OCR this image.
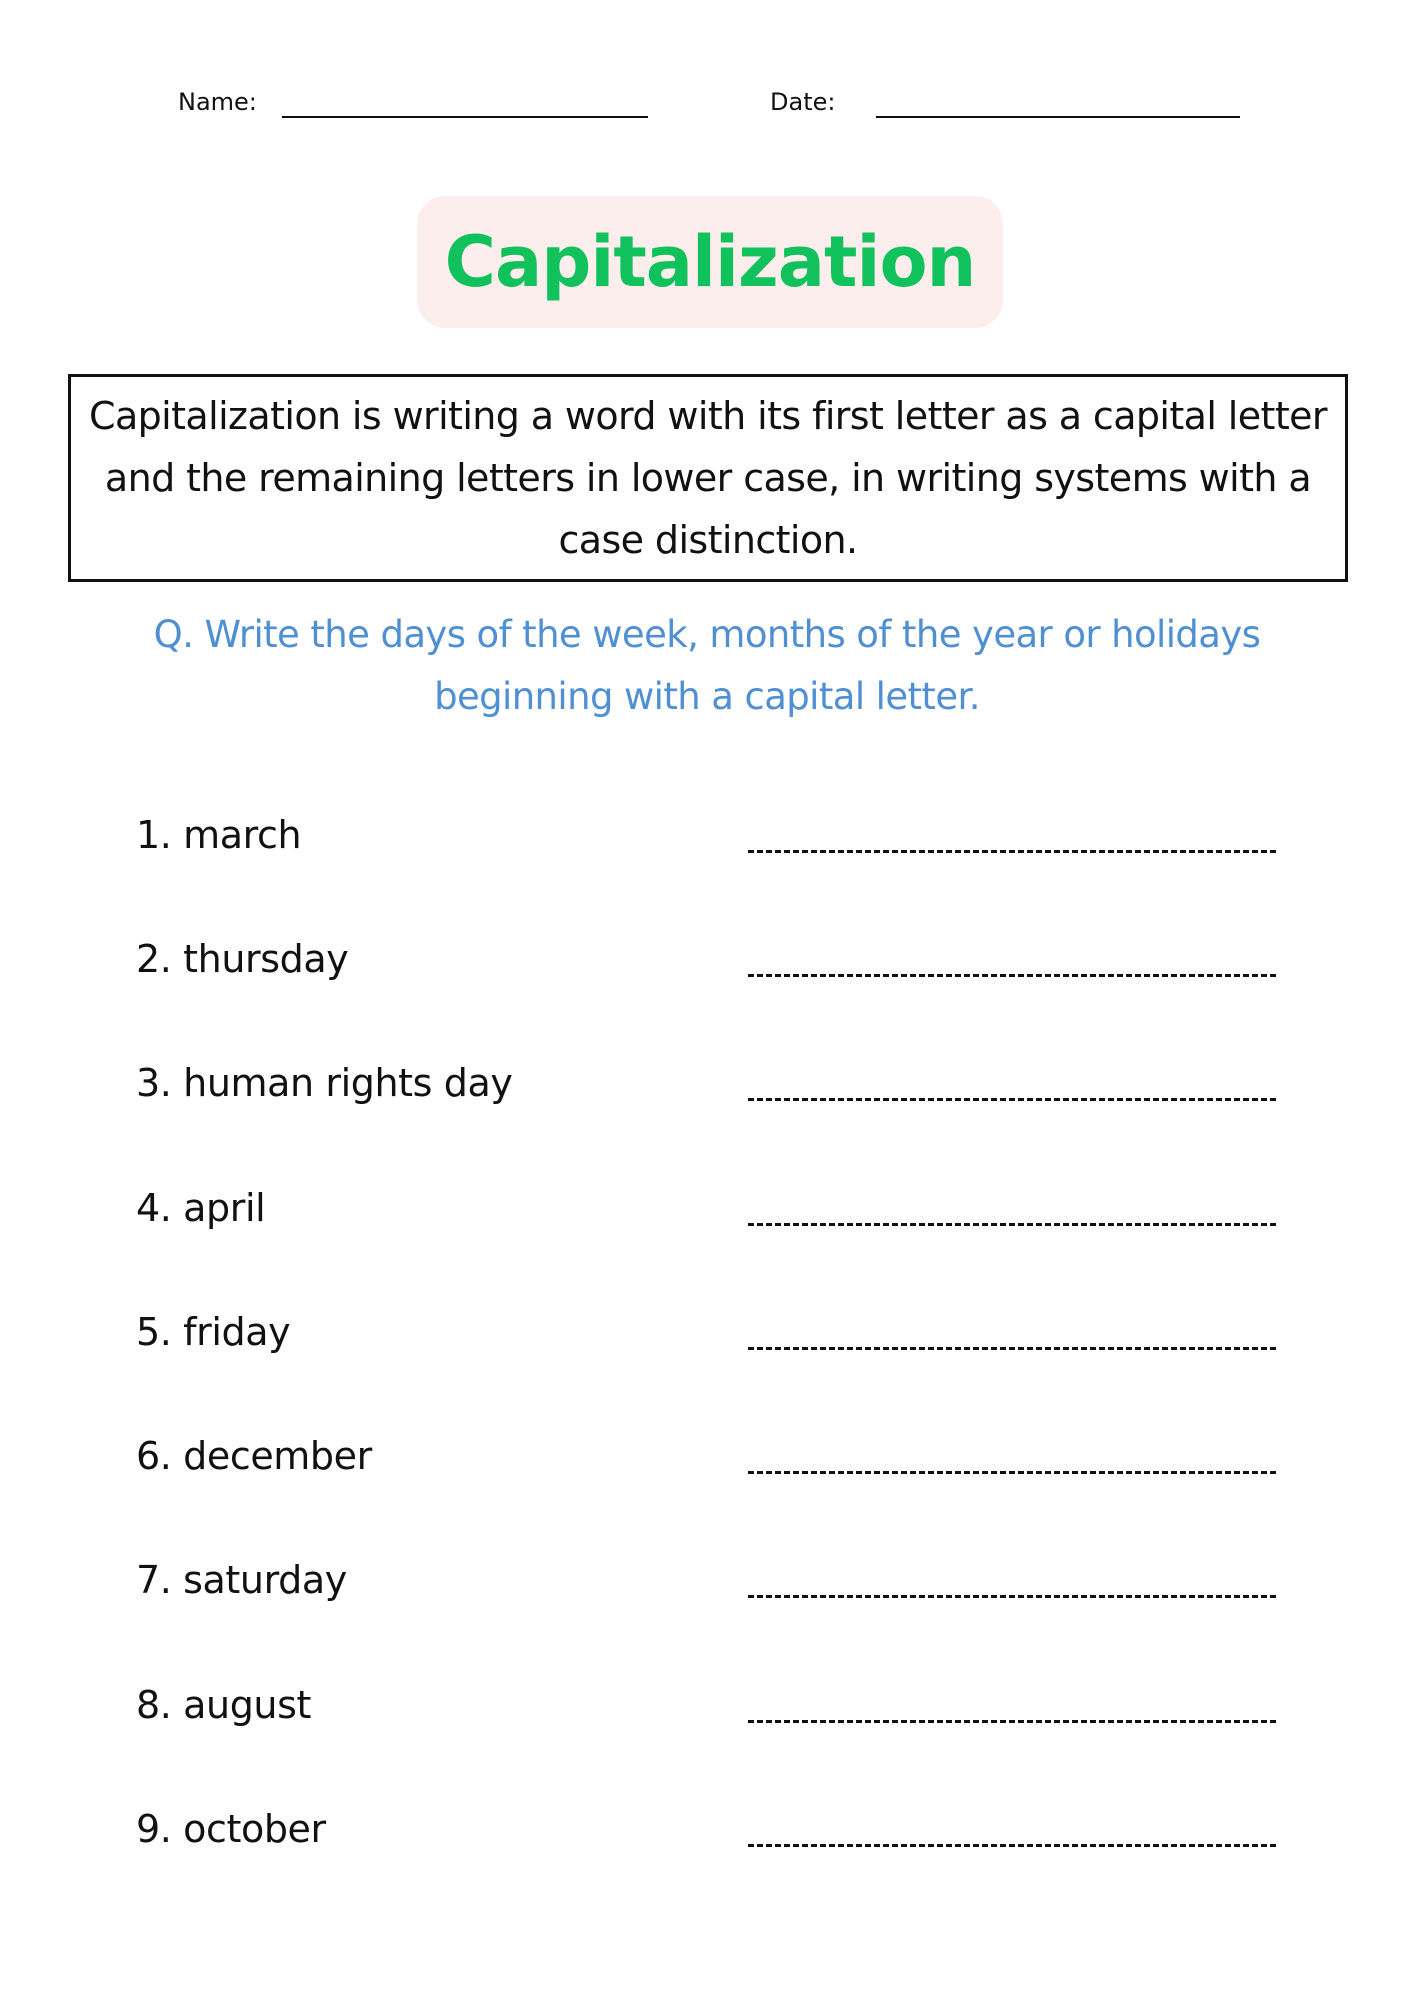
Name:	Date:
Capitalization
Capitalization is writing a word with its first letter as a capital letter and the remaining letters in lower case, in writing systems with a case distinction.
Q. Write the days of the week, months of the year or holidays beginning with a capital letter.
1. march
2. thursday
3. human rights day
4. april
5. friday
6. december
7. saturday
8. august
9. october
